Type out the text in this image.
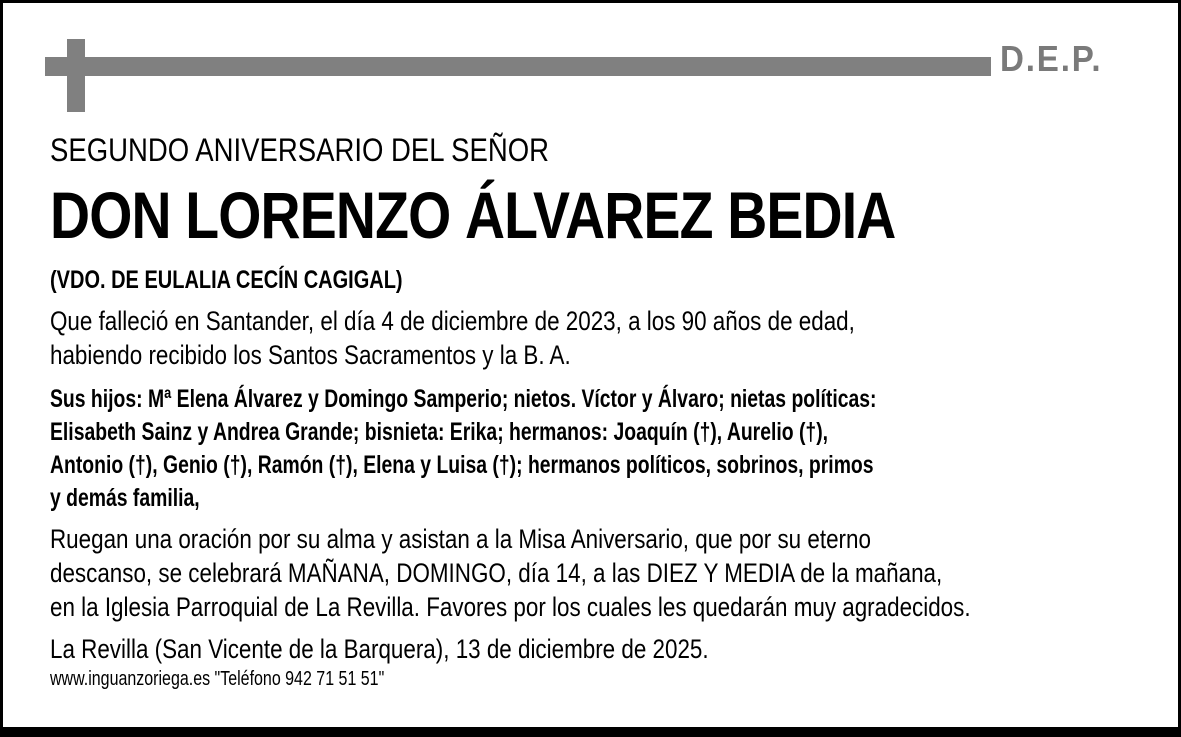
D.E.P.
SEGUNDO ANIVERSARIO DEL SEÑOR
DON LORENZO ÁLVAREZ BEDIA
(VDO. DE EULALIA CECÍN CAGIGAL)
Que falleció en Santander, el día 4 de diciembre de 2023, a los 90 años de edad,
habiendo recibido los Santos Sacramentos y la B. A.
Sus hijos: Mª Elena Álvarez y Domingo Samperio; nietos. Víctor y Álvaro; nietas políticas:
Elisabeth Sainz y Andrea Grande; bisnieta: Erika; hermanos: Joaquín (†), Aurelio (†),
Antonio (†), Genio (†), Ramón (†), Elena y Luisa (†); hermanos políticos, sobrinos, primos
y demás familia,
Ruegan una oración por su alma y asistan a la Misa Aniversario, que por su eterno
descanso, se celebrará MAÑANA, DOMINGO, día 14, a las DIEZ Y MEDIA de la mañana,
en la Iglesia Parroquial de La Revilla. Favores por los cuales les quedarán muy agradecidos.
La Revilla (San Vicente de la Barquera), 13 de diciembre de 2025.
www.inguanzoriega.es "Teléfono 942 71 51 51"
